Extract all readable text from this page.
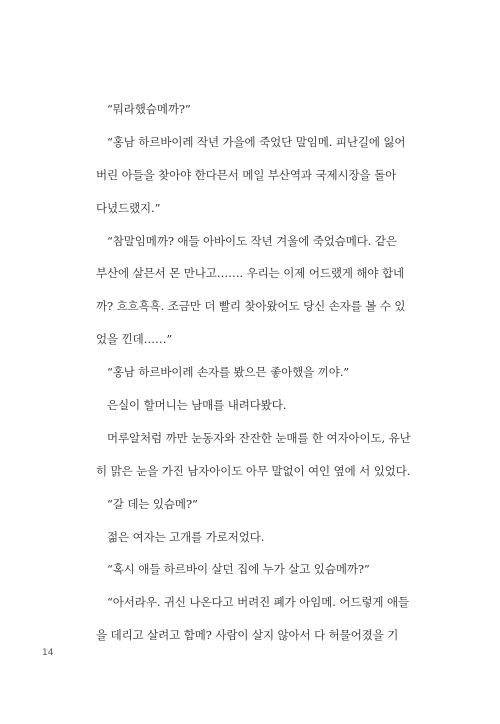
“뭐라했슴메까?”
“홍남 하르바이레 작년 가을에 죽었단 말임메. 피난길에 잃어
버린 아들을 찾아야 한다믄서 메일 부산역과 국제시장을 돌아
다녔드랬지.”
“참말임메까? 애들 아바이도 작년 겨울에 죽었슴메다. 같은
부산에 살믄서 몬 만나고……. 우리는 이제 어드랬게 해야 합네
까? 흐흐흑흑. 조금만 더 빨리 찾아왔어도 당신 손자를 볼 수 있
었을 낀데……”
“홍남 하르바이레 손자를 봤으믄 좋아했을 끼야.”
은실이 할머니는 남매를 내려다봤다.
머루알처럼 까만 눈동자와 잔잔한 눈매를 한 여자아이도, 유난
히 맑은 눈을 가진 남자아이도 아무 말없이 여인 옆에 서 있었다.
“갈 데는 있슴메?”
젊은 여자는 고개를 가로저었다.
“혹시 애들 하르바이 살던 집에 누가 살고 있슴메까?”
“아서라우. 귀신 나온다고 버려진 폐가 아임메. 어드렇게 애들
을 데리고 살려고 함메? 사람이 살지 않아서 다 허물어졌을 기
14
